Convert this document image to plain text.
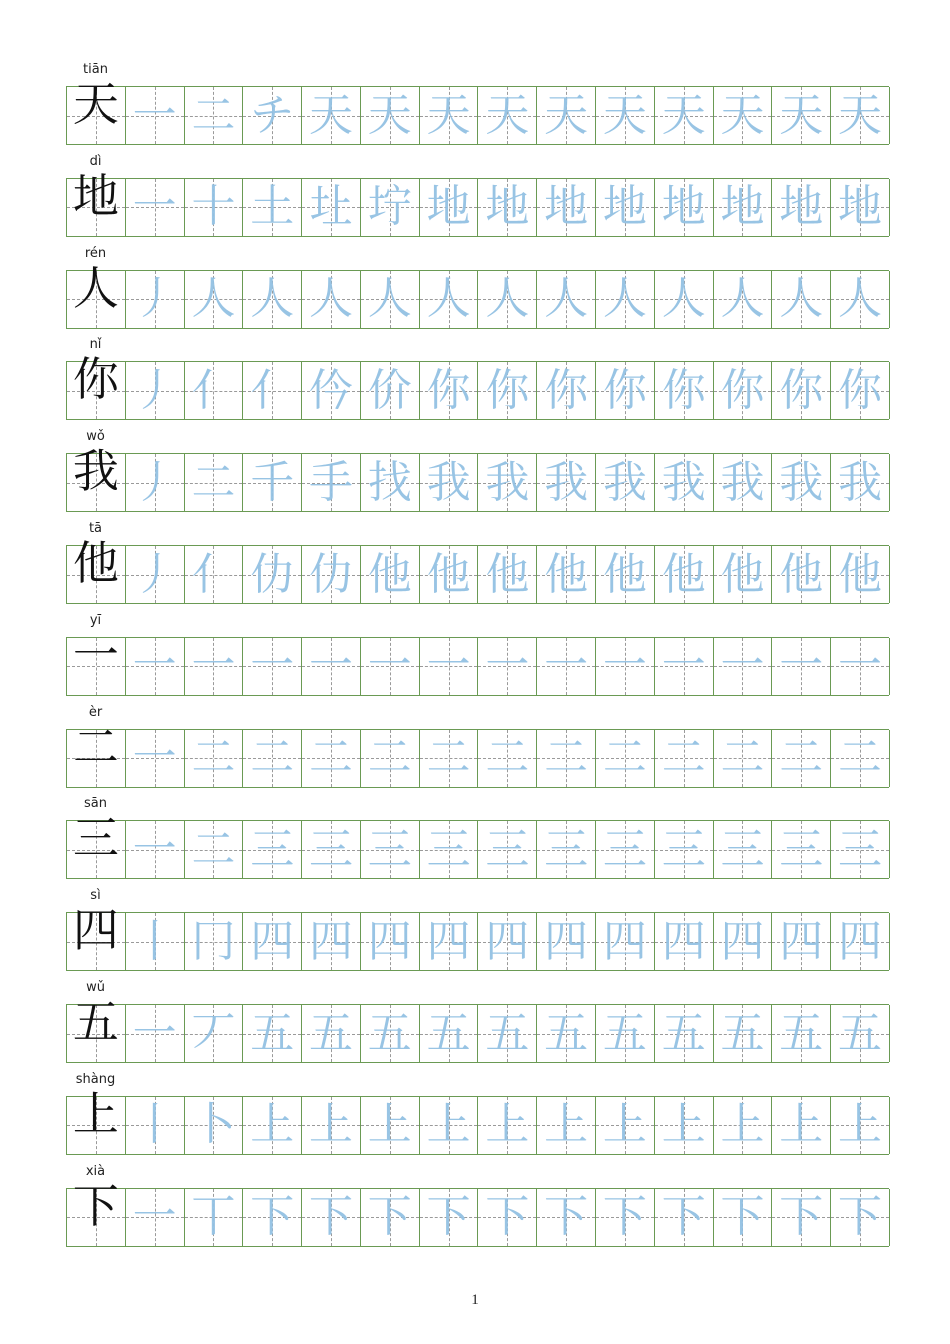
tiān
天 一 二 チ 天 天 天 天 天 天 天 天 天 天
dì
地 一 十 土 圵 坾 地 地 地 地 地 地 地 地
rén
人 丿 人 人 人 人 人 人 人 人 人 人 人 人
nǐ
你 丿 亻 亻 仱 价 你 你 你 你 你 你 你 你
wǒ
我 丿 二 千 手 找 我 我 我 我 我 我 我 我
tā
他 丿 亻 仂 仂 他 他 他 他 他 他 他 他 他
yī
一 一 一 一 一 一 一 一 一 一 一 一 一 一
èr
二 一 二 二 二 二 二 二 二 二 二 二 二 二
sān
三 一 二 三 三 三 三 三 三 三 三 三 三 三
sì
四 丨 冂 四 四 四 四 四 四 四 四 四 四 四
wǔ
五 一 丆 五 五 五 五 五 五 五 五 五 五 五
shàng
上 丨 卜 上 上 上 上 上 上 上 上 上 上 上
xià
下 一 丅 下 下 下 下 下 下 下 下 下 下 下
1
